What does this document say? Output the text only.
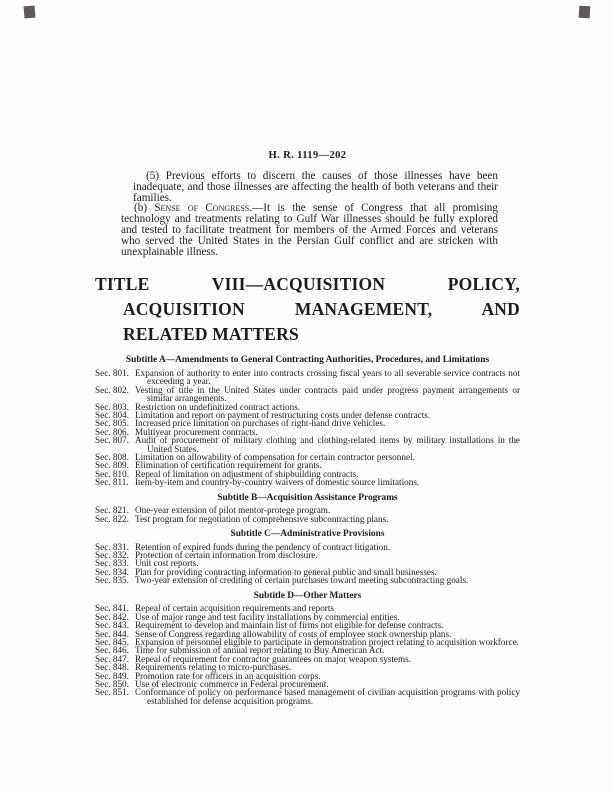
H. R. 1119—202

(5) Previous efforts to discern the causes of those illnesses have been inadequate, and those illnesses are affecting the health of both veterans and their families.

(b) Sense of Congress.—It is the sense of Congress that all promising technology and treatments relating to Gulf War illnesses should be fully explored and tested to facilitate treatment for members of the Armed Forces and veterans who served the United States in the Persian Gulf conflict and are stricken with unexplainable illness.

TITLE VIII—ACQUISITION POLICY,
ACQUISITION MANAGEMENT, AND
RELATED MATTERS
Subtitle A—Amendments to General Contracting Authorities, Procedures, and Limitations
Sec. 801. Expansion of authority to enter into contracts crossing fiscal years to all severable service contracts not exceeding a year.
Sec. 802. Vesting of title in the United States under contracts paid under progress payment arrangements or similar arrangements.
Sec. 803. Restriction on undefinitized contract actions.
Sec. 804. Limitation and report on payment of restructuring costs under defense contracts.
Sec. 805. Increased price limitation on purchases of right-hand drive vehicles.
Sec. 806. Multiyear procurement contracts.
Sec. 807. Audit of procurement of military clothing and clothing-related items by military installations in the United States.
Sec. 808. Limitation on allowability of compensation for certain contractor personnel.
Sec. 809. Elimination of certification requirement for grants.
Sec. 810. Repeal of limitation on adjustment of shipbuilding contracts.
Sec. 811. Item-by-item and country-by-country waivers of domestic source limitations.
Subtitle B—Acquisition Assistance Programs
Sec. 821. One-year extension of pilot mentor-protege program.
Sec. 822. Test program for negotiation of comprehensive subcontracting plans.
Subtitle C—Administrative Provisions
Sec. 831. Retention of expired funds during the pendency of contract litigation.
Sec. 832. Protection of certain information from disclosure.
Sec. 833. Unit cost reports.
Sec. 834. Plan for providing contracting information to general public and small businesses.
Sec. 835. Two-year extension of crediting of certain purchases toward meeting subcontracting goals.
Subtitle D—Other Matters
Sec. 841. Repeal of certain acquisition requirements and reports
Sec. 842. Use of major range and test facility installations by commercial entities.
Sec. 843. Requirement to develop and maintain list of firms not eligible for defense contracts.
Sec. 844. Sense of Congress regarding allowability of costs of employee stock ownership plans.
Sec. 845. Expansion of personnel eligible to participate in demonstration project relating to acquisition workforce.
Sec. 846. Time for submission of annual report relating to Buy American Act.
Sec. 847. Repeal of requirement for contractor guarantees on major weapon systems.
Sec. 848. Requirements relating to micro-purchases.
Sec. 849. Promotion rate for officers in an acquisition corps.
Sec. 850. Use of electronic commerce in Federal procurement.
Sec. 851. Conformance of policy on performance based management of civilian acquisition programs with policy established for defense acquisition programs.
